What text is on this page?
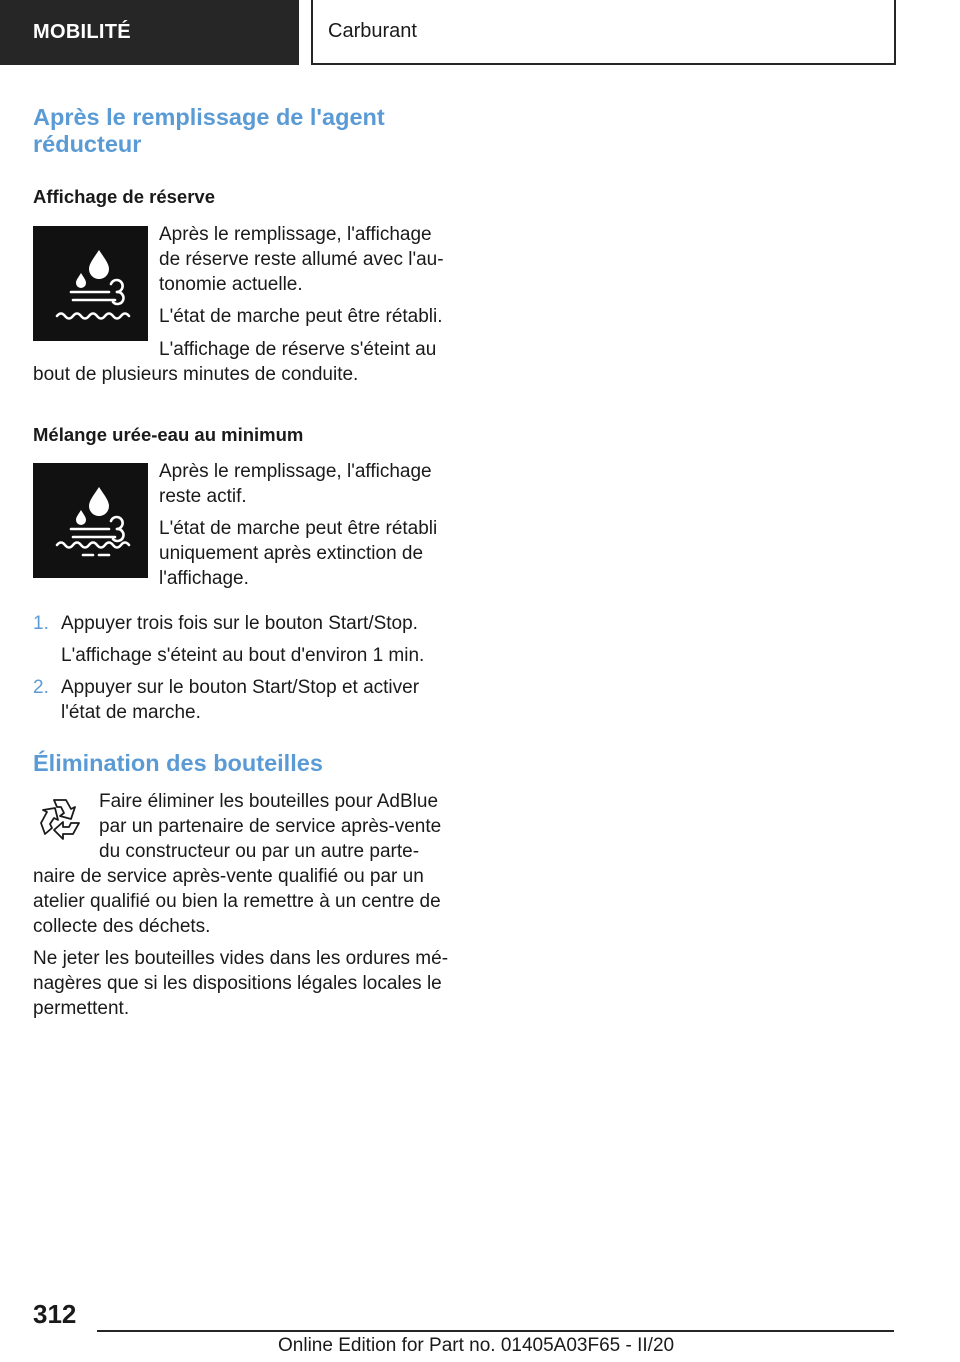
MOBILITÉ	Carburant
Après le remplissage de l'agent
réducteur
Affichage de réserve

Après le remplissage, l'affichage
de réserve reste allumé avec l'au-
tonomie actuelle.

L'état de marche peut être rétabli.

L'affichage de réserve s'éteint au

bout de plusieurs minutes de conduite.

Mélange urée-eau au minimum

Après le remplissage, l'affichage
reste actif.

L'état de marche peut être rétabli
uniquement après extinction de
l'affichage.

1. Appuyer trois fois sur le bouton Start/Stop.

L'affichage s'éteint au bout d'environ 1 min.

2. Appuyer sur le bouton Start/Stop et activer
l'état de marche.

Élimination des bouteilles

Faire éliminer les bouteilles pour AdBlue
par un partenaire de service après-vente
du constructeur ou par un autre parte-

naire de service après-vente qualifié ou par un
atelier qualifié ou bien la remettre à un centre de
collecte des déchets.

Ne jeter les bouteilles vides dans les ordures mé-
nagères que si les dispositions légales locales le
permettent.

312
Online Edition for Part no. 01405A03F65 - II/20
